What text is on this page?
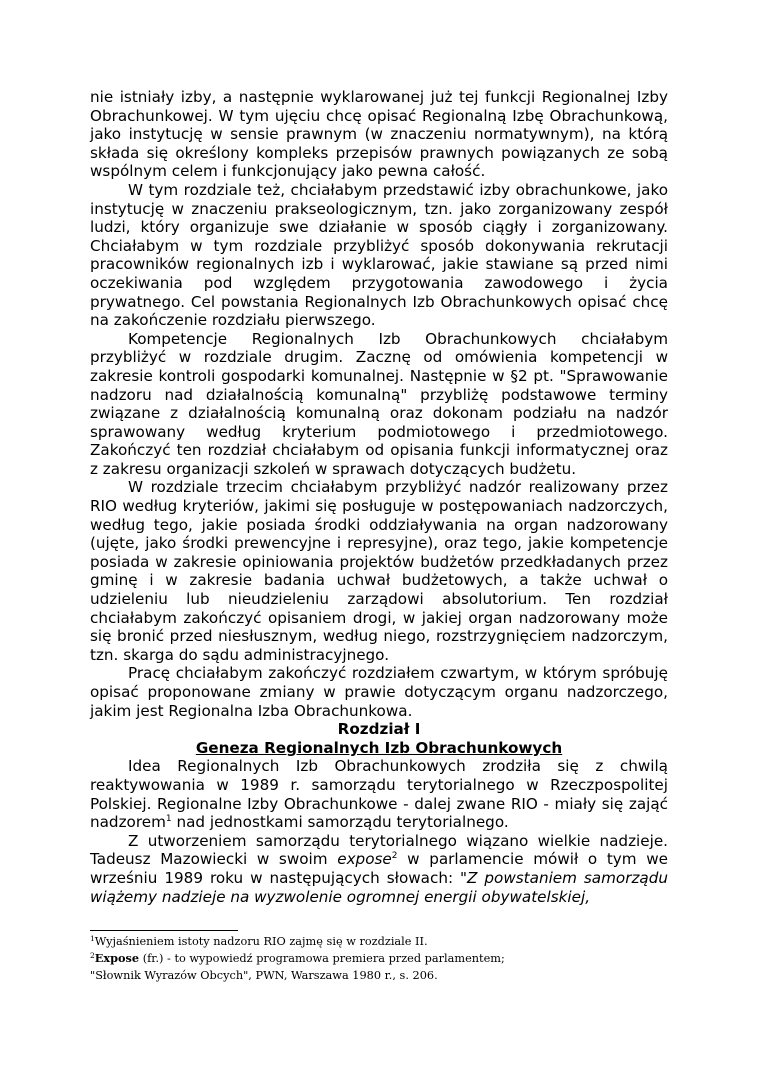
nie istniały izby, a następnie wyklarowanej już tej funkcji Regionalnej Izby Obrachunkowej. W tym ujęciu chcę opisać Regionalną Izbę Obrachunkową, jako instytucję w sensie prawnym (w znaczeniu normatywnym), na którą składa się określony kompleks przepisów prawnych powiązanych ze sobą wspólnym celem i funkcjonujący jako pewna całość.

W tym rozdziale też, chciałabym przedstawić izby obrachunkowe, jako instytucję w znaczeniu prakseologicznym, tzn. jako zorganizowany zespół ludzi, który organizuje swe działanie w sposób ciągły i zorganizowany. Chciałabym w tym rozdziale przybliżyć sposób dokonywania rekrutacji pracowników regionalnych izb i wyklarować, jakie stawiane są przed nimi oczekiwania pod względem przygotowania zawodowego i życia prywatnego. Cel powstania Regionalnych Izb Obrachunkowych opisać chcę na zakończenie rozdziału pierwszego.

Kompetencje Regionalnych Izb Obrachunkowych chciałabym przybliżyć w rozdziale drugim. Zacznę od omówienia kompetencji w zakresie kontroli gospodarki komunalnej. Następnie w §2 pt. "Sprawowanie nadzoru nad działalnością komunalną" przybliżę podstawowe terminy związane z działalnością komunalną oraz dokonam podziału na nadzór sprawowany według kryterium podmiotowego i przedmiotowego. Zakończyć ten rozdział chciałabym od opisania funkcji informatycznej oraz z zakresu organizacji szkoleń w sprawach dotyczących budżetu.

W rozdziale trzecim chciałabym przybliżyć nadzór realizowany przez RIO według kryteriów, jakimi się posługuje w postępowaniach nadzorczych, według tego, jakie posiada środki oddziaływania na organ nadzorowany (ujęte, jako środki prewencyjne i represyjne), oraz tego, jakie kompetencje posiada w zakresie opiniowania projektów budżetów przedkładanych przez gminę i w zakresie badania uchwał budżetowych, a także uchwał o udzieleniu lub nieudzieleniu zarządowi absolutorium. Ten rozdział chciałabym zakończyć opisaniem drogi, w jakiej organ nadzorowany może się bronić przed niesłusznym, według niego, rozstrzygnięciem nadzorczym, tzn. skarga do sądu administracyjnego.

Pracę chciałabym zakończyć rozdziałem czwartym, w którym spróbuję opisać proponowane zmiany w prawie dotyczącym organu nadzorczego, jakim jest Regionalna Izba Obrachunkowa.

Rozdział I

Geneza Regionalnych Izb Obrachunkowych

Idea Regionalnych Izb Obrachunkowych zrodziła się z chwilą reaktywowania w 1989 r. samorządu terytorialnego w Rzeczpospolitej Polskiej. Regionalne Izby Obrachunkowe - dalej zwane RIO - miały się zająć nadzorem$^1$ nad jednostkami samorządu terytorialnego.

Z utworzeniem samorządu terytorialnego wiązano wielkie nadzieje. Tadeusz Mazowiecki w swoim expose$^2$ w parlamencie mówił o tym we wrześniu 1989 roku w następujących słowach: "Z powstaniem samorządu wiążemy nadzieje na wyzwolenie ogromnej energii obywatelskiej,

$^1$Wyjaśnieniem istoty nadzoru RIO zajmę się w rozdziale II.

$^2$Expose (fr.) - to wypowiedź programowa premiera przed parlamentem;

"Słownik Wyrazów Obcych", PWN, Warszawa 1980 r., s. 206.
